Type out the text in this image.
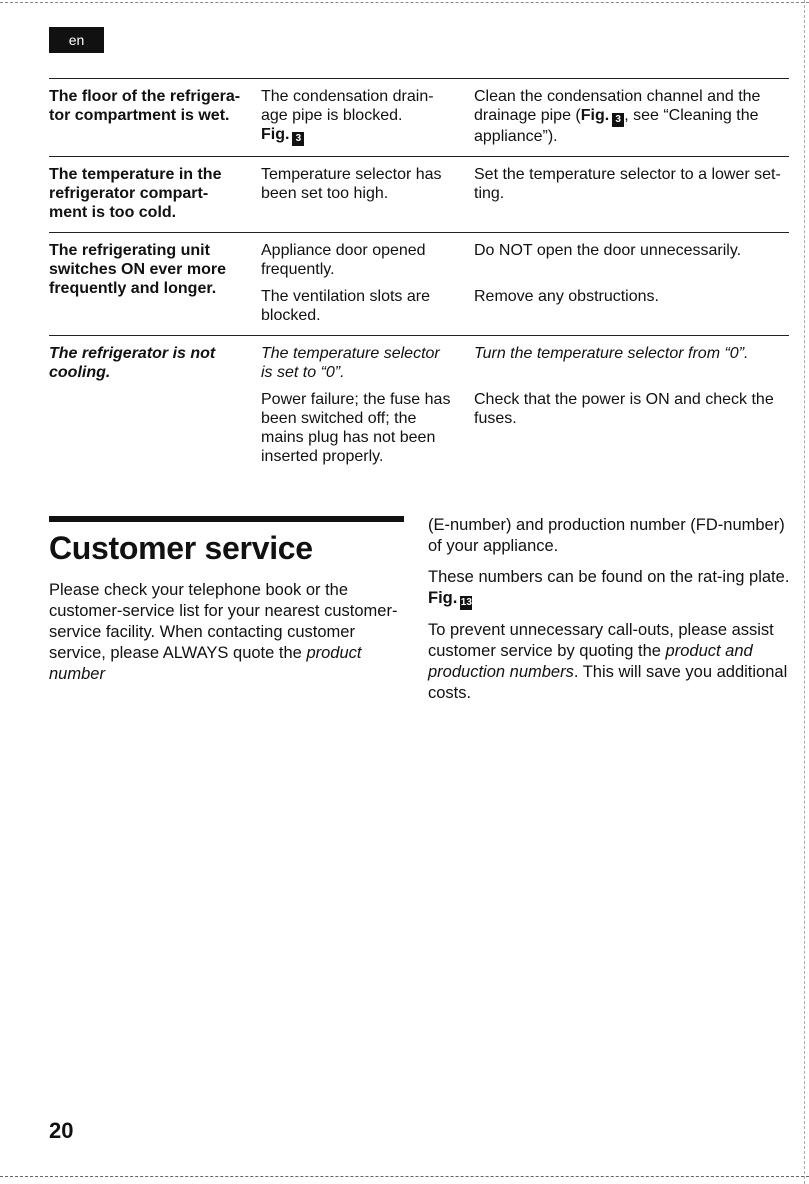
en
The floor of the refrigera-
tor compartment is wet.
The condensation drain-
age pipe is blocked.
Fig. 3
Clean the condensation channel and the
drainage pipe (Fig. 3 , see “Cleaning the
appliance”).
The temperature in the
refrigerator compart-
ment is too cold.
Temperature selector has
been set too high.
Set the temperature selector to a lower set-
ting.
The refrigerating unit
switches ON ever more
frequently and longer.
Appliance door opened
frequently.
Do NOT open the door unnecessarily.
The ventilation slots are
blocked.
Remove any obstructions.
The refrigerator is not
cooling.
The temperature selector
is set to “0”.
Turn the temperature selector from “0”.
Power failure; the fuse has
been switched off; the
mains plug has not been
inserted properly.
Check that the power is ON and check the
fuses.
Customer service
Please check your telephone book or the customer-service list for your nearest customer-service facility. When contacting customer service, please ALWAYS quote the product number

(E-number) and production number (FD-number) of your appliance.

These numbers can be found on the rat-ing plate. Fig. 13

To prevent unnecessary call-outs, please assist customer service by quoting the product and production numbers. This will save you additional costs.

20
